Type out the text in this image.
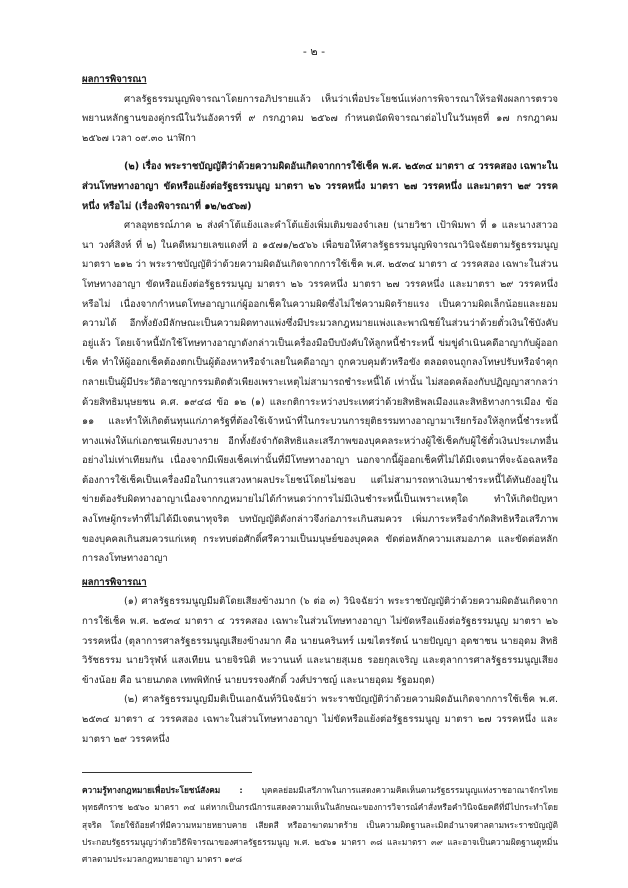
- ๒ -

ผลการพิจารณา

ศาลรัฐธรรมนูญพิจารณาโดยการอภิปรายแล้ว เห็นว่าเพื่อประโยชน์แห่งการพิจารณาให้รอฟังผลการตรวจพยานหลักฐานของคู่กรณีในวันอังคารที่ ๙ กรกฎาคม ๒๕๖๗ กำหนดนัดพิจารณาต่อไปในวันพุธที่ ๑๗ กรกฎาคม ๒๕๖๗ เวลา ๐๙.๓๐ นาฬิกา

(๒) เรื่อง พระราชบัญญัติว่าด้วยความผิดอันเกิดจากการใช้เช็ค พ.ศ. ๒๕๓๔ มาตรา ๔ วรรคสอง เฉพาะในส่วนโทษทางอาญา ขัดหรือแย้งต่อรัฐธรรมนูญ มาตรา ๒๖ วรรคหนึ่ง มาตรา ๒๗ วรรคหนึ่ง และมาตรา ๒๙ วรรคหนึ่ง หรือไม่ (เรื่องพิจารณาที่ ๑๒/๒๕๖๗)

ศาลอุทธรณ์ภาค ๒ ส่งคำโต้แย้งและคำโต้แย้งเพิ่มเติมของจำเลย (นายวิชา เป้าพิมพา ที่ ๑ และนางสาวอนา วงศ์สิงห์ ที่ ๒) ในคดีหมายเลขแดงที่ อ ๑๕๗๑/๒๕๖๖ เพื่อขอให้ศาลรัฐธรรมนูญพิจารณาวินิจฉัยตามรัฐธรรมนูญ มาตรา ๒๑๒ ว่า พระราชบัญญัติว่าด้วยความผิดอันเกิดจากการใช้เช็ค พ.ศ. ๒๕๓๔ มาตรา ๔ วรรคสอง เฉพาะในส่วนโทษทางอาญา ขัดหรือแย้งต่อรัฐธรรมนูญ มาตรา ๒๖ วรรคหนึ่ง มาตรา ๒๗ วรรคหนึ่ง และมาตรา ๒๙ วรรคหนึ่ง หรือไม่ เนื่องจากกำหนดโทษอาญาแก่ผู้ออกเช็คในความผิดซึ่งไม่ใช่ความผิดร้ายแรง เป็นความผิดเล็กน้อยและยอมความได้ อีกทั้งยังมีลักษณะเป็นความผิดทางแพ่งซึ่งมีประมวลกฎหมายแพ่งและพาณิชย์ในส่วนว่าด้วยตั๋วเงินใช้บังคับอยู่แล้ว โดยเจ้าหนี้มักใช้โทษทางอาญาดังกล่าวเป็นเครื่องมือบีบบังคับให้ลูกหนี้ชำระหนี้ ข่มขู่ดำเนินคดีอาญากับผู้ออกเช็ค ทำให้ผู้ออกเช็คต้องตกเป็นผู้ต้องหาหรือจำเลยในคดีอาญา ถูกควบคุมตัวหรือขัง ตลอดจนถูกลงโทษปรับหรือจำคุก กลายเป็นผู้มีประวัติอาชญากรรมติดตัวเพียงเพราะเหตุไม่สามารถชำระหนี้ได้ เท่านั้น ไม่สอดคล้องกับปฏิญญาสากลว่าด้วยสิทธิมนุษยชน ค.ศ. ๑๙๔๘ ข้อ ๑๒ (๑) และกติการะหว่างประเทศว่าด้วยสิทธิพลเมืองและสิทธิทางการเมือง ข้อ ๑๑ และทำให้เกิดต้นทุนแก่ภาครัฐที่ต้องใช้เจ้าหน้าที่ในกระบวนการยุติธรรมทางอาญามาเรียกร้องให้ลูกหนี้ชำระหนี้ทางแพ่งให้แก่เอกชนเพียงบางราย อีกทั้งยังจำกัดสิทธิและเสรีภาพของบุคคลระหว่างผู้ใช้เช็คกับผู้ใช้ตั๋วเงินประเภทอื่นอย่างไม่เท่าเทียมกัน เนื่องจากมีเพียงเช็คเท่านั้นที่มีโทษทางอาญา นอกจากนี้ผู้ออกเช็คที่ไม่ได้มีเจตนาที่จะฉ้อฉลหรือต้องการใช้เช็คเป็นเครื่องมือในการแสวงหาผลประโยชน์โดยไม่ชอบ แต่ไม่สามารถหาเงินมาชำระหนี้ได้ทันยังอยู่ในข่ายต้องรับผิดทางอาญาเนื่องจากกฎหมายไม่ได้กำหนดว่าการไม่มีเงินชำระหนี้เป็นเพราะเหตุใด ทำให้เกิดปัญหาลงโทษผู้กระทำที่ไม่ได้มีเจตนาทุจริต บทบัญญัติดังกล่าวจึงก่อภาระเกินสมควร เพิ่มภาระหรือจำกัดสิทธิหรือเสรีภาพของบุคคลเกินสมควรแก่เหตุ กระทบต่อศักดิ์ศรีความเป็นมนุษย์ของบุคคล ขัดต่อหลักความเสมอภาค และขัดต่อหลักการลงโทษทางอาญา

ผลการพิจารณา

(๑) ศาลรัฐธรรมนูญมีมติโดยเสียงข้างมาก (๖ ต่อ ๓) วินิจฉัยว่า พระราชบัญญัติว่าด้วยความผิดอันเกิดจากการใช้เช็ค พ.ศ. ๒๕๓๔ มาตรา ๔ วรรคสอง เฉพาะในส่วนโทษทางอาญา ไม่ขัดหรือแย้งต่อรัฐธรรมนูญ มาตรา ๒๖ วรรคหนึ่ง (ตุลาการศาลรัฐธรรมนูญเสียงข้างมาก คือ นายนครินทร์ เมฆไตรรัตน์ นายปัญญา อุดชาชน นายอุดม สิทธิวิรัชธรรม นายวิรุฬห์ แสงเทียน นายจิรนิติ หะวานนท์ และนายสุเมธ รอยกุลเจริญ และตุลาการศาลรัฐธรรมนูญเสียงข้างน้อย คือ นายนภดล เทพพิทักษ์ นายบรรจงศักดิ์ วงศ์ปราชญ์ และนายอุดม รัฐอมฤต)

(๒) ศาลรัฐธรรมนูญมีมติเป็นเอกฉันท์วินิจฉัยว่า พระราชบัญญัติว่าด้วยความผิดอันเกิดจากการใช้เช็ค พ.ศ. ๒๕๓๔ มาตรา ๔ วรรคสอง เฉพาะในส่วนโทษทางอาญา ไม่ขัดหรือแย้งต่อรัฐธรรมนูญ มาตรา ๒๗ วรรคหนึ่ง และมาตรา ๒๙ วรรคหนึ่ง

ความรู้ทางกฎหมายเพื่อประโยชน์สังคม : บุคคลย่อมมีเสรีภาพในการแสดงความคิดเห็นตามรัฐธรรมนูญแห่งราชอาณาจักรไทย พุทธศักราช ๒๕๖๐ มาตรา ๓๔ แต่หากเป็นกรณีการแสดงความเห็นในลักษณะของการวิจารณ์คำสั่งหรือคำวินิจฉัยคดีที่มีไปกระทำโดยสุจริต โดยใช้ถ้อยคำที่มีความหมายหยาบคาย เสียดสี หรืออาฆาตมาดร้าย เป็นความผิดฐานละเมิดอำนาจศาลตามพระราชบัญญัติประกอบรัฐธรรมนูญว่าด้วยวิธีพิจารณาของศาลรัฐธรรมนูญ พ.ศ. ๒๕๖๑ มาตรา ๓๘ และมาตรา ๓๙ และอาจเป็นความผิดฐานดูหมิ่นศาลตามประมวลกฎหมายอาญา มาตรา ๑๙๘
